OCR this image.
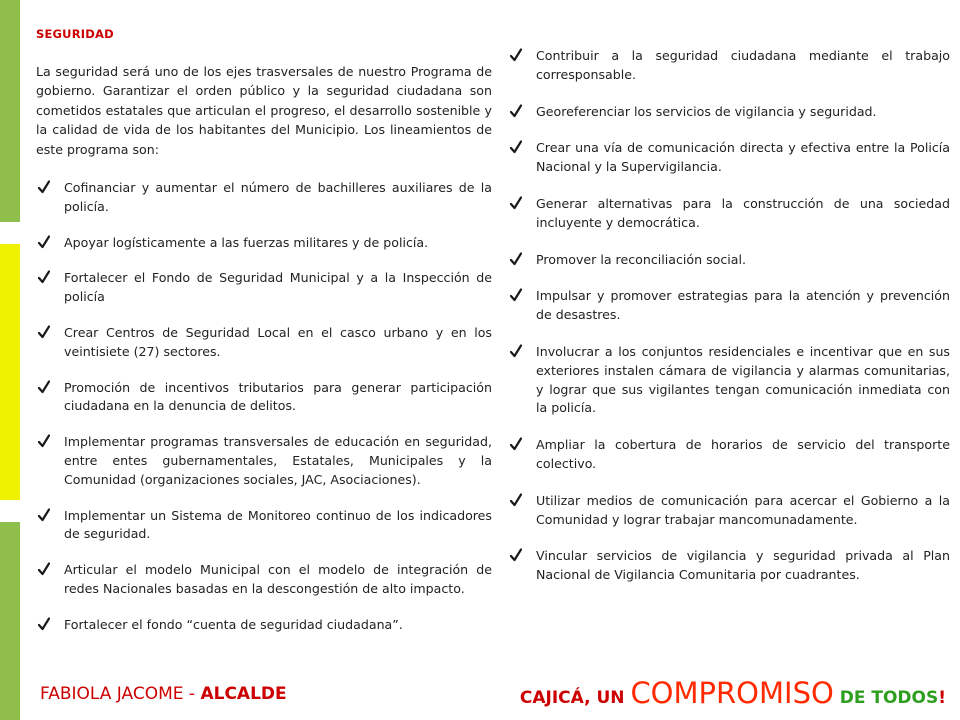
SEGURIDAD

La seguridad será uno de los ejes trasversales de nuestro Programa de gobierno. Garantizar el orden público y la seguridad ciudadana son cometidos estatales que articulan el progreso, el desarrollo sostenible y la calidad de vida de los habitantes del Municipio. Los lineamientos de este programa son:

Cofinanciar y aumentar el número de bachilleres auxiliares de la policía.
Apoyar logísticamente a las fuerzas militares y de policía.
Fortalecer el Fondo de Seguridad Municipal y a la Inspección de policía
Crear Centros de Seguridad Local en el casco urbano y en los veintisiete (27) sectores.
Promoción de incentivos tributarios para generar participación ciudadana en la denuncia de delitos.
Implementar programas transversales de educación en seguridad, entre entes gubernamentales, Estatales, Municipales y la Comunidad (organizaciones sociales, JAC, Asociaciones).
Implementar un Sistema de Monitoreo continuo de los indicadores de seguridad.
Articular el modelo Municipal con el modelo de integración de redes Nacionales basadas en la descongestión de alto impacto.
Fortalecer el fondo “cuenta de seguridad ciudadana”.
Contribuir a la seguridad ciudadana mediante el trabajo corresponsable.
Georeferenciar los servicios de vigilancia y seguridad.
Crear una vía de comunicación directa y efectiva entre la Policía Nacional y la Supervigilancia.
Generar alternativas para la construcción de una sociedad incluyente y democrática.
Promover la reconciliación social.
Impulsar y promover estrategias para la atención y prevención de desastres.
Involucrar a los conjuntos residenciales e incentivar que en sus exteriores instalen cámara de vigilancia y alarmas comunitarias, y lograr que sus vigilantes tengan comunicación inmediata con la policía.
Ampliar la cobertura de horarios de servicio del transporte colectivo.
Utilizar medios de comunicación para acercar el Gobierno a la Comunidad y lograr trabajar mancomunadamente.
Vincular servicios de vigilancia y seguridad privada al Plan Nacional de Vigilancia Comunitaria por cuadrantes.
FABIOLA JACOME - ALCALDE	CAJICÁ, UN COMPROMISO DE TODOS!
